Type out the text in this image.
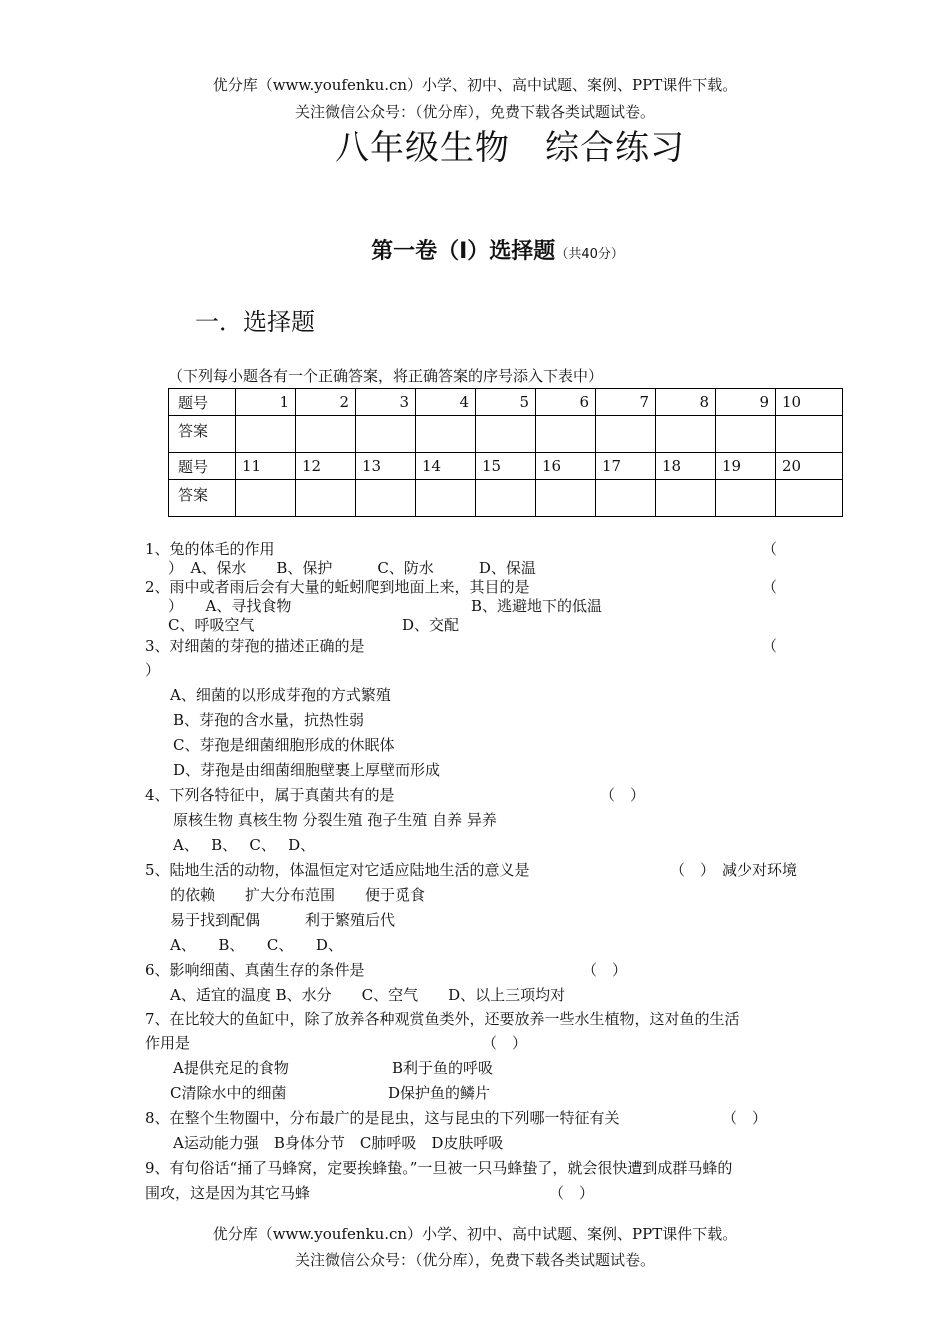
优分库（www.youfenku.cn）小学、初中、高中试题、案例、PPT课件下载。
关注微信公众号：（优分库），免费下载各类试题试卷。
八年级生物　综合练习
第一卷（I）选择题（共40分）
一．选择题
（下列每小题各有一个正确答案，将正确答案的序号添入下表中）
题号	1	2	3	4	5	6	7	8	9	10
答案										
题号	11	12	13	14	15	16	17	18	19	20
答案										
1、兔的体毛的作用	（
）　A、保水　　B、保护　　　C、防水　　　D、保温
2、雨中或者雨后会有大量的蚯蚓爬到地面上来，其目的是	（
）　　A、寻找食物	B、逃避地下的低温
C、呼吸空气	D、交配
3、对细菌的芽孢的描述正确的是	（
）
A、细菌的以形成芽孢的方式繁殖
B、芽孢的含水量，抗热性弱
C、芽孢是细菌细胞形成的休眠体
D、芽孢是由细菌细胞壁裹上厚壁而形成
4、下列各特征中，属于真菌共有的是	（　）
原核生物 真核生物 分裂生殖 孢子生殖 自养 异养
A、　 B、　 C、　 D、
5、陆地生活的动物，体温恒定对它适应陆地生活的意义是	（　） 减少对环境
的依赖　　扩大分布范围　　便于觅食
易于找到配偶　　　利于繁殖后代
A、　　B、　　C、　　D、
6、影响细菌、真菌生存的条件是	（　）
A、适宜的温度 B、水分　　C、空气　　D、以上三项均对
7、在比较大的鱼缸中，除了放养各种观赏鱼类外，还要放养一些水生植物，这对鱼的生活
作用是	（　）
A提供充足的食物	B利于鱼的呼吸
C清除水中的细菌	D保护鱼的鳞片
8、在整个生物圈中，分布最广的是昆虫，这与昆虫的下列哪一特征有关	（　）
A运动能力强　B身体分节　C肺呼吸　D皮肤呼吸
9、有句俗话“捅了马蜂窝，定要挨蜂蛰。”一旦被一只马蜂蛰了，就会很快遭到成群马蜂的
围攻，这是因为其它马蜂	（　）
优分库（www.youfenku.cn）小学、初中、高中试题、案例、PPT课件下载。
关注微信公众号：（优分库），免费下载各类试题试卷。
